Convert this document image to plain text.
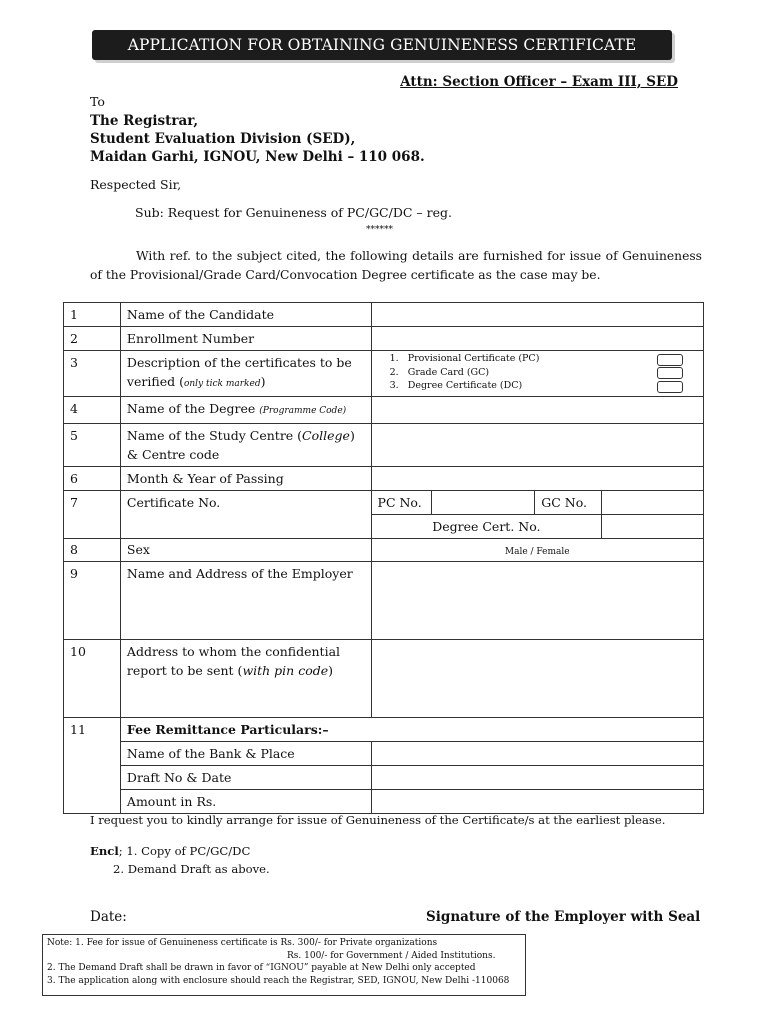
APPLICATION FOR OBTAINING GENUINENESS CERTIFICATE
Attn: Section Officer – Exam III, SED
To
The Registrar,
Student Evaluation Division (SED),
Maidan Garhi, IGNOU, New Delhi – 110 068.
Respected Sir,
Sub: Request for Genuineness of PC/GC/DC – reg.
******
With ref. to the subject cited, the following details are furnished for issue of Genuineness of the Provisional/Grade Card/Convocation Degree certificate as the case may be.
1	Name of the Candidate	
2	Enrollment Number	
3	Description of the certificates to be verified (only tick marked)	
1.   Provisional Certificate (PC)	
2.   Grade Card (GC)	
3.   Degree Certificate (DC)	

4	Name of the Degree (Programme Code)	
5	Name of the Study Centre (College) & Centre code	
6	Month & Year of Passing	
7	Certificate No.	PC No.		GC No.	
Degree Cert. No.	
8	Sex	Male / Female
9	Name and Address of the Employer	
10	Address to whom the confidential report to be sent (with pin code)	
11	Fee Remittance Particulars:–
Name of the Bank & Place	
Draft No & Date	
Amount in Rs.	
I request you to kindly arrange for issue of Genuineness of the Certificate/s at the earliest please.
Encl; 1. Copy of PC/GC/DC
2. Demand Draft as above.
Date:	Signature of the Employer with Seal
Note: 1. Fee for issue of Genuineness certificate is Rs. 300/- for Private organizations
Rs. 100/- for Government / Aided Institutions.
2. The Demand Draft shall be drawn in favor of “IGNOU” payable at New Delhi only accepted
3. The application along with enclosure should reach the Registrar, SED, IGNOU, New Delhi -110068
